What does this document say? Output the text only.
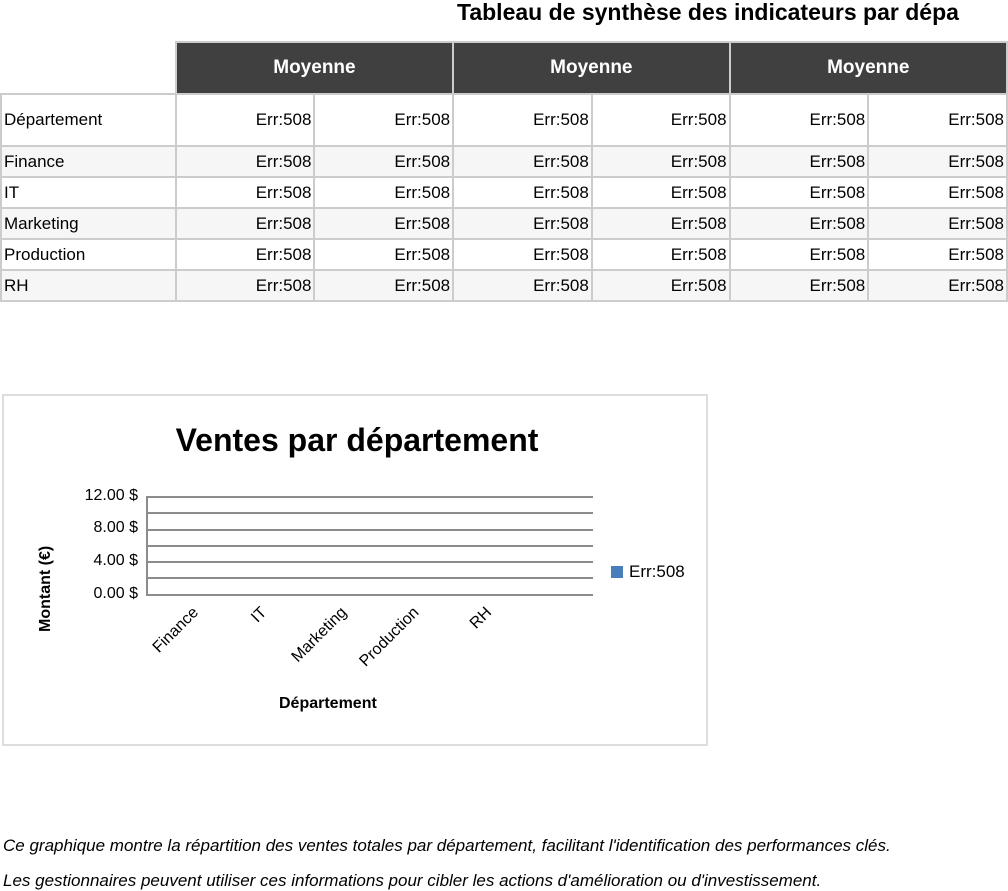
Tableau de synthèse des indicateurs par dépa
	Moyenne		Moyenne		Moyenne	
Département	Err:508	Err:508	Err:508	Err:508	Err:508	Err:508
Finance	Err:508	Err:508	Err:508	Err:508	Err:508	Err:508
IT	Err:508	Err:508	Err:508	Err:508	Err:508	Err:508
Marketing	Err:508	Err:508	Err:508	Err:508	Err:508	Err:508
Production	Err:508	Err:508	Err:508	Err:508	Err:508	Err:508
RH	Err:508	Err:508	Err:508	Err:508	Err:508	Err:508
Ventes par département
12.00 $
8.00 $
4.00 $
0.00 $
Montant (€)	Finance	IT Marketing Production	RH
Département
Err:508
Ce graphique montre la répartition des ventes totales par département, facilitant l'identification des performances clés.
Les gestionnaires peuvent utiliser ces informations pour cibler les actions d'amélioration ou d'investissement.
